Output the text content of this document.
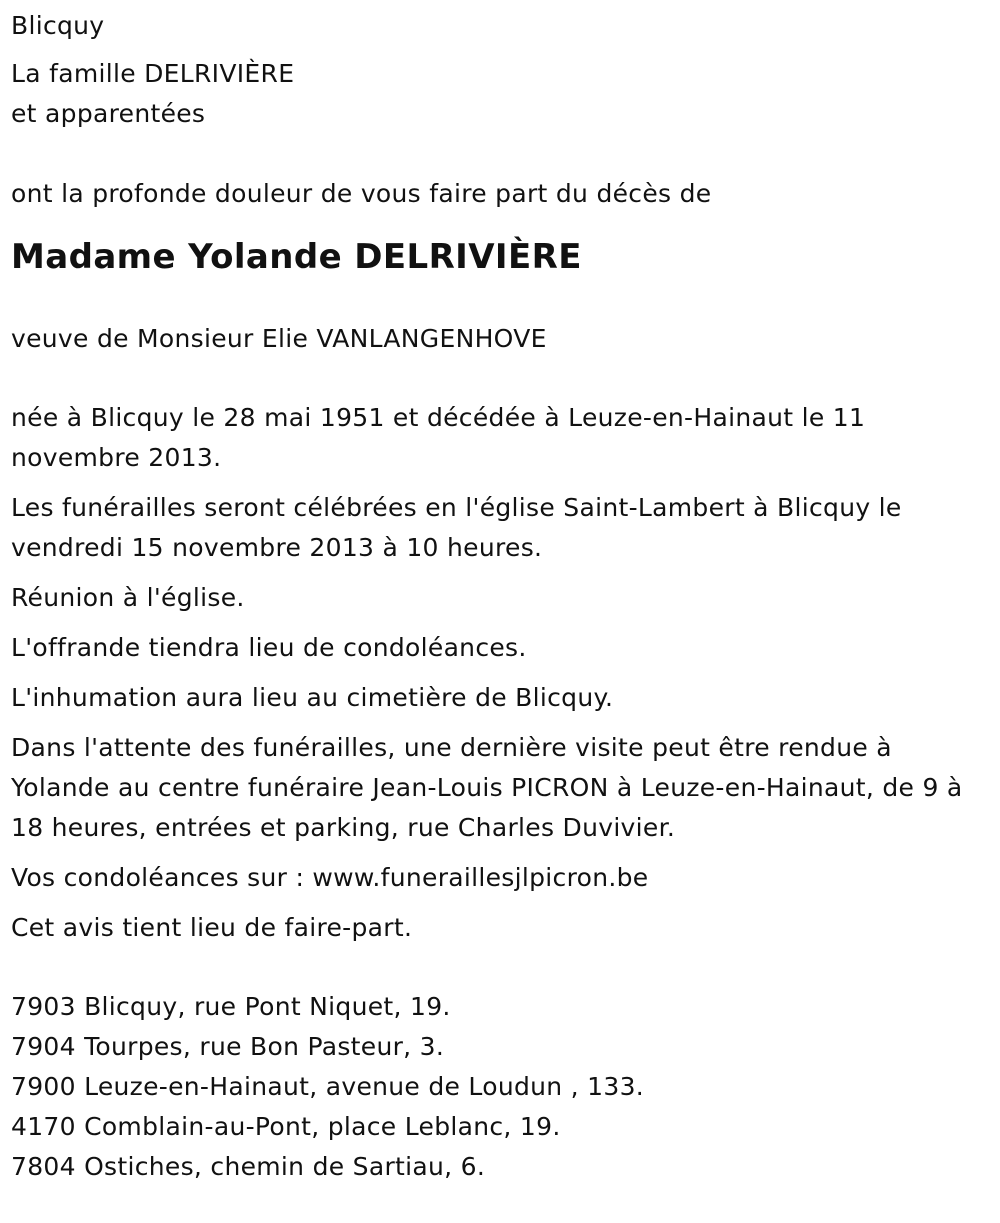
Blicquy
La famille DELRIVIÈRE
et apparentées
ont la profonde douleur de vous faire part du décès de
Madame Yolande DELRIVIÈRE
veuve de Monsieur Elie VANLANGENHOVE
née à Blicquy le 28 mai 1951 et décédée à Leuze-en-Hainaut le 11 novembre 2013.
Les funérailles seront célébrées en l'église Saint-Lambert à Blicquy le vendredi 15 novembre 2013 à 10 heures.
Réunion à l'église.
L'offrande tiendra lieu de condoléances.
L'inhumation aura lieu au cimetière de Blicquy.
Dans l'attente des funérailles, une dernière visite peut être rendue à Yolande au centre funéraire Jean-Louis PICRON à Leuze-en-Hainaut, de 9 à 18 heures, entrées et parking, rue Charles Duvivier.
Vos condoléances sur : www.funeraillesjlpicron.be
Cet avis tient lieu de faire-part.
7903 Blicquy, rue Pont Niquet, 19.
7904 Tourpes, rue Bon Pasteur, 3.
7900 Leuze-en-Hainaut, avenue de Loudun , 133.
4170 Comblain-au-Pont, place Leblanc, 19.
7804 Ostiches, chemin de Sartiau, 6.
